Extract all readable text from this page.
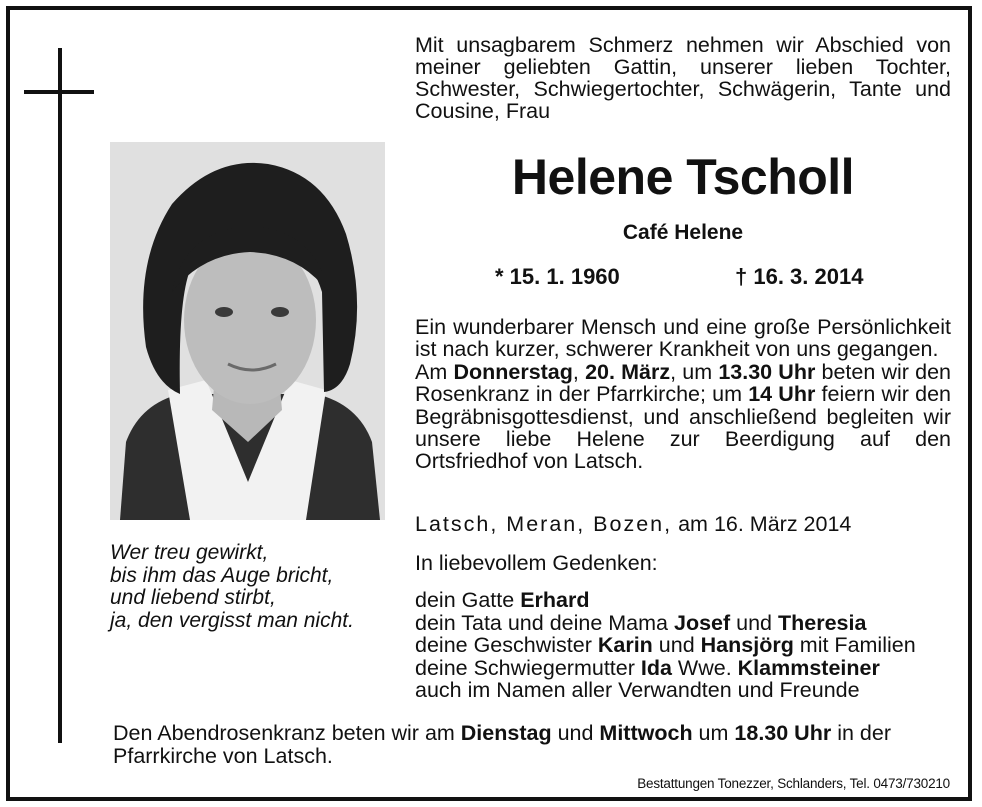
Mit unsagbarem Schmerz nehmen wir Abschied von meiner geliebten Gattin, unserer lieben Tochter, Schwester, Schwiegertochter, Schwägerin, Tante und Cousine, Frau
Helene Tscholl
Café Helene
* 15. 1. 1960	† 16. 3. 2014
Ein wunderbarer Mensch und eine große Persönlichkeit ist nach kurzer, schwerer Krankheit von uns gegangen.
Am Donnerstag, 20. März, um 13.30 Uhr beten wir den Rosenkranz in der Pfarrkirche; um 14 Uhr feiern wir den Begräbnisgottesdienst, und anschließend begleiten wir unsere liebe Helene zur Beerdigung auf den Ortsfriedhof von Latsch.
Latsch, Meran, Bozen, am 16. März 2014
In liebevollem Gedenken:
dein Gatte Erhard
dein Tata und deine Mama Josef und Theresia
deine Geschwister Karin und Hansjörg mit Familien
deine Schwiegermutter Ida Wwe. Klammsteiner
auch im Namen aller Verwandten und Freunde
Wer treu gewirkt,
bis ihm das Auge bricht,
und liebend stirbt,
ja, den vergisst man nicht.
Den Abendrosenkranz beten wir am Dienstag und Mittwoch um 18.30 Uhr in der Pfarrkirche von Latsch.
Bestattungen Tonezzer, Schlanders, Tel. 0473/730210
